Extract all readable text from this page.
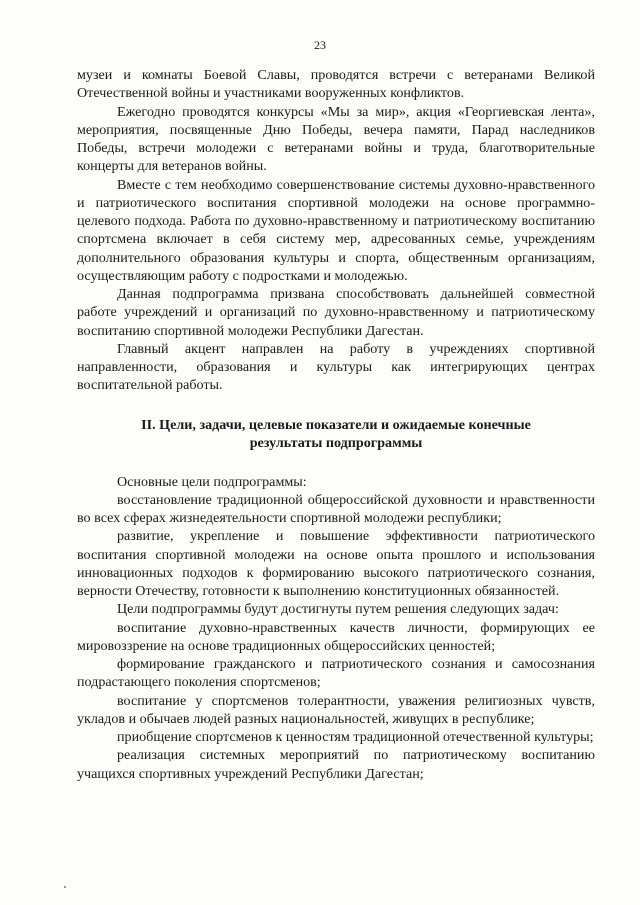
23

музеи и комнаты Боевой Славы, проводятся встречи с ветеранами Великой Отечественной войны и участниками вооруженных конфликтов.

Ежегодно проводятся конкурсы «Мы за мир», акция «Георгиевская лента», мероприятия, посвященные Дню Победы, вечера памяти, Парад наследников Победы, встречи молодежи с ветеранами войны и труда, благотворительные концерты для ветеранов войны.

Вместе с тем необходимо совершенствование системы духовно-нравственного и патриотического воспитания спортивной молодежи на основе программно-целевого подхода. Работа по духовно-нравственному и патриотическому воспитанию спортсмена включает в себя систему мер, адресованных семье, учреждениям дополнительного образования культуры и спорта, общественным организациям, осуществляющим работу с подростками и молодежью.

Данная подпрограмма призвана способствовать дальнейшей совместной работе учреждений и организаций по духовно-нравственному и патриотическому воспитанию спортивной молодежи Республики Дагестан.

Главный акцент направлен на работу в учреждениях спортивной направленности, образования и культуры как интегрирующих центрах воспитательной работы.

II. Цели, задачи, целевые показатели и ожидаемые конечные
результаты подпрограммы

Основные цели подпрограммы:

восстановление традиционной общероссийской духовности и нравственности во всех сферах жизнедеятельности спортивной молодежи республики;

развитие, укрепление и повышение эффективности патриотического воспитания спортивной молодежи на основе опыта прошлого и использования инновационных подходов к формированию высокого патриотического сознания, верности Отечеству, готовности к выполнению конституционных обязанностей.

Цели подпрограммы будут достигнуты путем решения следующих задач:

воспитание духовно-нравственных качеств личности, формирующих ее мировоззрение на основе традиционных общероссийских ценностей;

формирование гражданского и патриотического сознания и самосознания подрастающего поколения спортсменов;

воспитание у спортсменов толерантности, уважения религиозных чувств, укладов и обычаев людей разных национальностей, живущих в республике;

приобщение спортсменов к ценностям традиционной отечественной культуры;

реализация системных мероприятий по патриотическому воспитанию учащихся спортивных учреждений Республики Дагестан;
